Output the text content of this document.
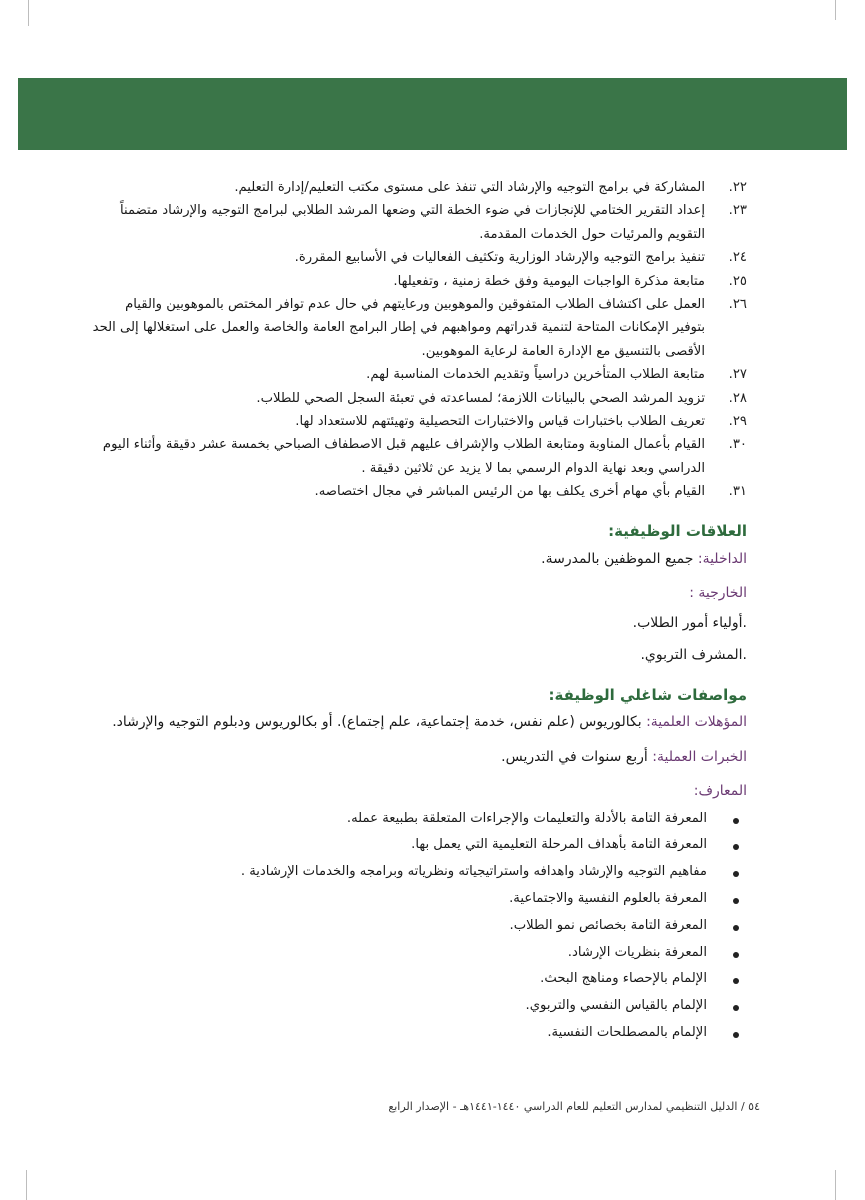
٢٢.
المشاركة في برامج التوجيه والإرشاد التي تنفذ على مستوى مكتب التعليم/إدارة التعليم.
٢٣.
إعداد التقرير الختامي للإنجازات في ضوء الخطة التي وضعها المرشد الطلابي لبرامج التوجيه والإرشاد متضمناً التقويم والمرئيات حول الخدمات المقدمة.
٢٤.
تنفيذ برامج التوجيه والإرشاد الوزارية وتكثيف الفعاليات في الأسابيع المقررة.
٢٥.
متابعة مذكرة الواجبات اليومية وفق خطة زمنية ، وتفعيلها.
٢٦.
العمل على اكتشاف الطلاب المتفوقين والموهوبين ورعايتهم في حال عدم توافر المختص بالموهوبين والقيام بتوفير الإمكانات المتاحة لتنمية قدراتهم ومواهبهم في إطار البرامج العامة والخاصة والعمل على استغلالها إلى الحد الأقصى بالتنسيق مع الإدارة العامة لرعاية الموهوبين.
٢٧.
متابعة الطلاب المتأخرين دراسياً وتقديم الخدمات المناسبة لهم.
٢٨.
تزويد المرشد الصحي بالبيانات اللازمة؛ لمساعدته في تعبئة السجل الصحي للطلاب.
٢٩.
تعريف الطلاب باختبارات قياس والاختبارات التحصيلية وتهيئتهم للاستعداد لها.
٣٠.
القيام بأعمال المناوبة ومتابعة الطلاب والإشراف عليهم قبل الاصطفاف الصباحي بخمسة عشر دقيقة وأثناء اليوم الدراسي وبعد نهاية الدوام الرسمي بما لا يزيد عن ثلاثين دقيقة .
٣١.
القيام بأي مهام أخرى يكلف بها من الرئيس المباشر في مجال اختصاصه.
العلاقات الوظيفية:
الداخلية: جميع الموظفين بالمدرسة.
الخارجية :
.أولياء أمور الطلاب.
.المشرف التربوي.
مواصفات شاغلي الوظيفة:
المؤهلات العلمية: بكالوريوس (علم نفس، خدمة إجتماعية، علم إجتماع). أو بكالوريوس ودبلوم التوجيه والإرشاد.
الخبرات العملية: أربع سنوات في التدريس.
المعارف:
المعرفة التامة بالأدلة والتعليمات والإجراءات المتعلقة بطبيعة عمله.
المعرفة التامة بأهداف المرحلة التعليمية التي يعمل بها.
مفاهيم التوجيه والإرشاد واهدافه واستراتيجياته ونظرياته وبرامجه والخدمات الإرشادية .
المعرفة بالعلوم النفسية والاجتماعية.
المعرفة التامة بخصائص نمو الطلاب.
المعرفة بنظريات الإرشاد.
الإلمام بالإحصاء ومناهج البحث.
الإلمام بالقياس النفسي والتربوي.
الإلمام بالمصطلحات النفسية.
٥٤ / الدليل التنظيمي لمدارس التعليم للعام الدراسي ١٤٤٠-١٤٤١هـ - الإصدار الرابع
